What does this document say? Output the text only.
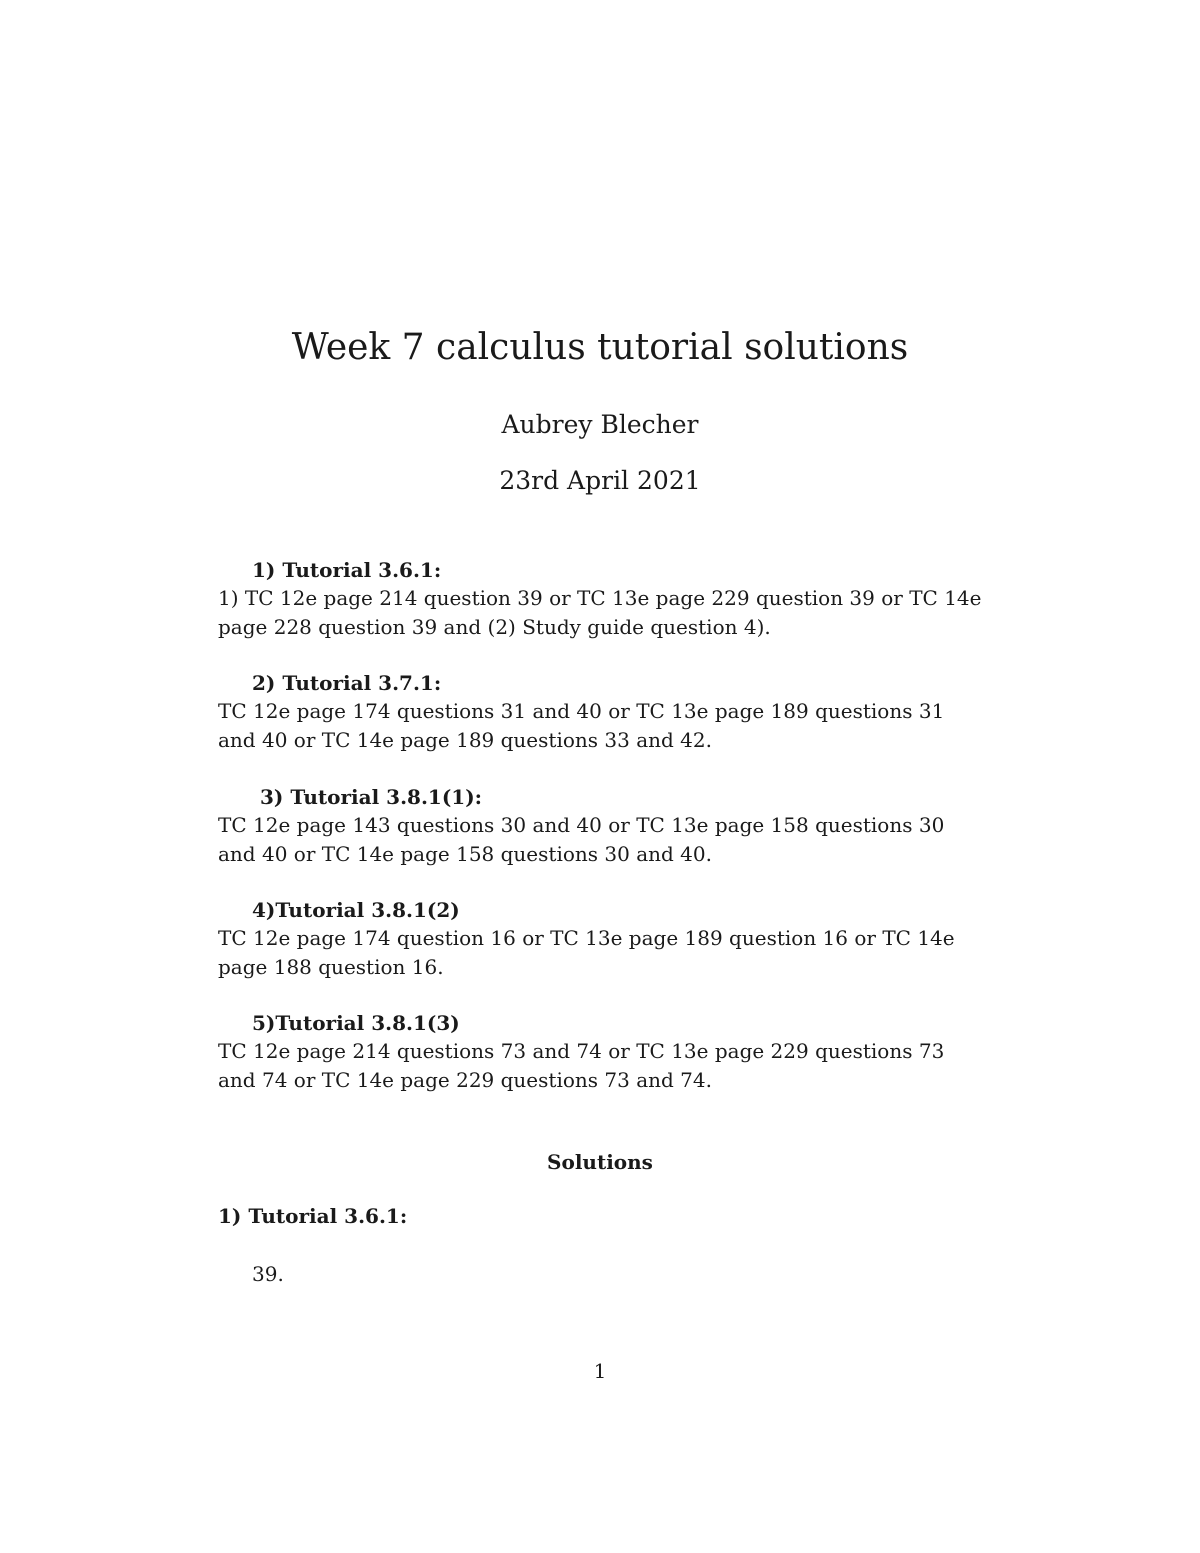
Week 7 calculus tutorial solutions
Aubrey Blecher
23rd April 2021
1) Tutorial 3.6.1:
1) TC 12e page 214 question 39 or TC 13e page 229 question 39 or TC 14e page 228 question 39 and (2) Study guide question 4).
2) Tutorial 3.7.1:
TC 12e page 174 questions 31 and 40 or TC 13e page 189 questions 31 and 40 or TC 14e page 189 questions 33 and 42.
3) Tutorial 3.8.1(1):
TC 12e page 143 questions 30 and 40 or TC 13e page 158 questions 30 and 40 or TC 14e page 158 questions 30 and 40.
4)Tutorial 3.8.1(2)
TC 12e page 174 question 16 or TC 13e page 189 question 16 or TC 14e page 188 question 16.
5)Tutorial 3.8.1(3)
TC 12e page 214 questions 73 and 74 or TC 13e page 229 questions 73 and 74 or TC 14e page 229 questions 73 and 74.
Solutions
1) Tutorial 3.6.1:
39.
1
